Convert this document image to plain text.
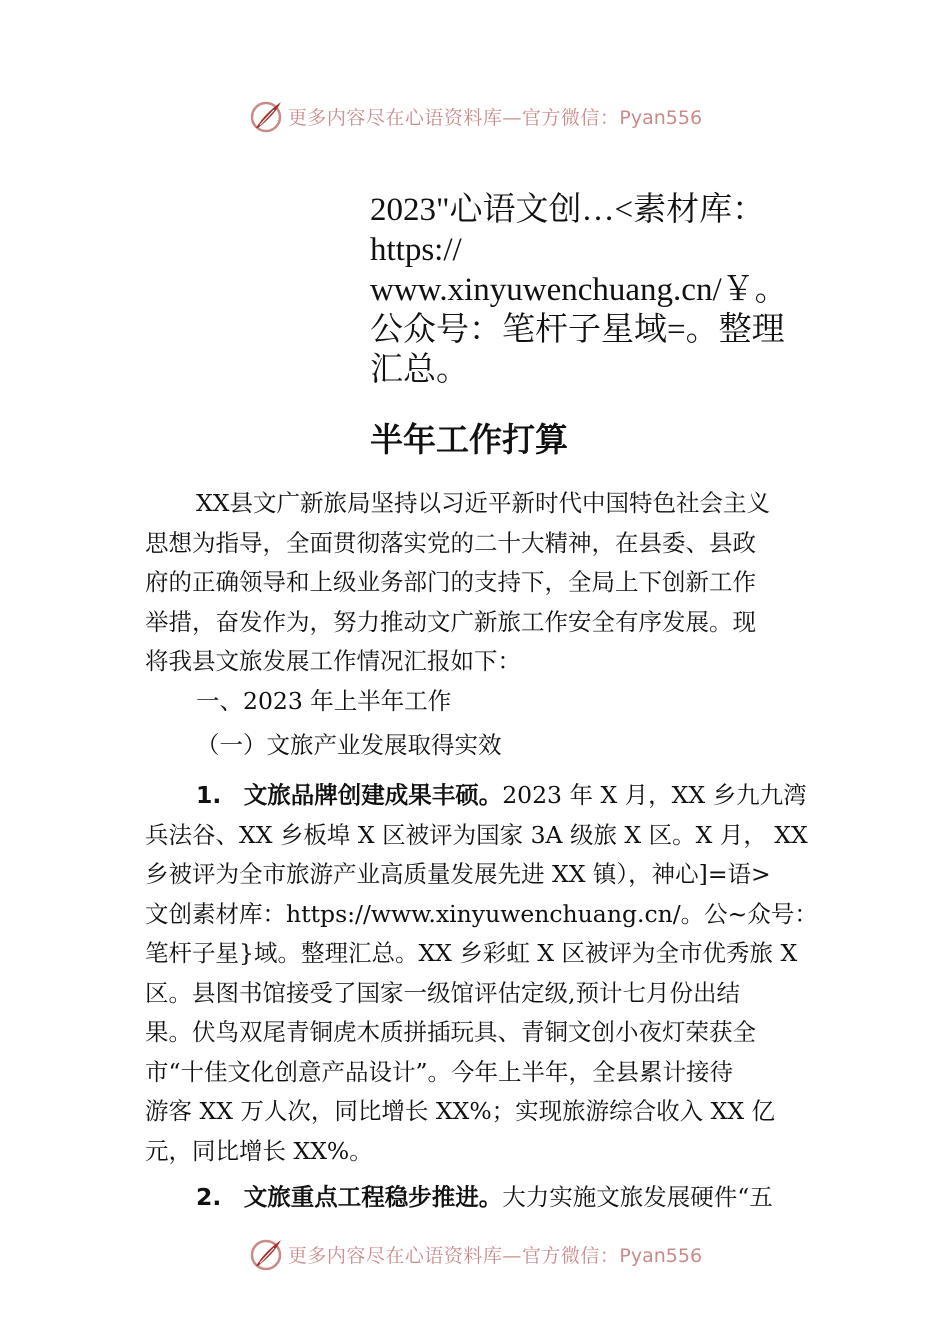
更多内容尽在心语资料库—官方微信：Pyan556
2023"心语文创…<素材库：
https://
www.xinyuwenchuang.cn/￥。
公众号：笔杆子星域=。整理
汇总。
半年工作打算
XX县文广新旅局坚持以习近平新时代中国特色社会主义
思想为指导，全面贯彻落实党的二十大精神，在县委、县政
府的正确领导和上级业务部门的支持下，全局上下创新工作
举措，奋发作为，努力推动文广新旅工作安全有序发展。现
将我县文旅发展工作情况汇报如下：
一、2023 年上半年工作
（一）文旅产业发展取得实效
1. 文旅品牌创建成果丰硕。2023 年 X 月，XX 乡九九湾
兵法⾕、XX 乡板埠 X 区被评为国家 3A 级旅 X 区。X 月， XX
乡被评为全市旅游产业高质量发展先进 XX 镇），神心]=语>
文创素材库：https://www.xinyuwenchuang.cn/。公~众号：
笔杆子星}域。整理汇总。XX 乡彩虹 X 区被评为全市优秀旅 X
区。县图书馆接受了国家一级馆评估定级,预计七月份出结
果。伏鸟双尾青铜虎木质拼插玩具、青铜文创小夜灯荣获全
市“十佳文化创意产品设计”。今年上半年，全县累计接待
游客 XX 万人次，同比增长 XX%；实现旅游综合收入 XX 亿
元，同比增长 XX%。
2. 文旅重点工程稳步推进。大力实施文旅发展硬件“五
更多内容尽在心语资料库—官方微信：Pyan556
